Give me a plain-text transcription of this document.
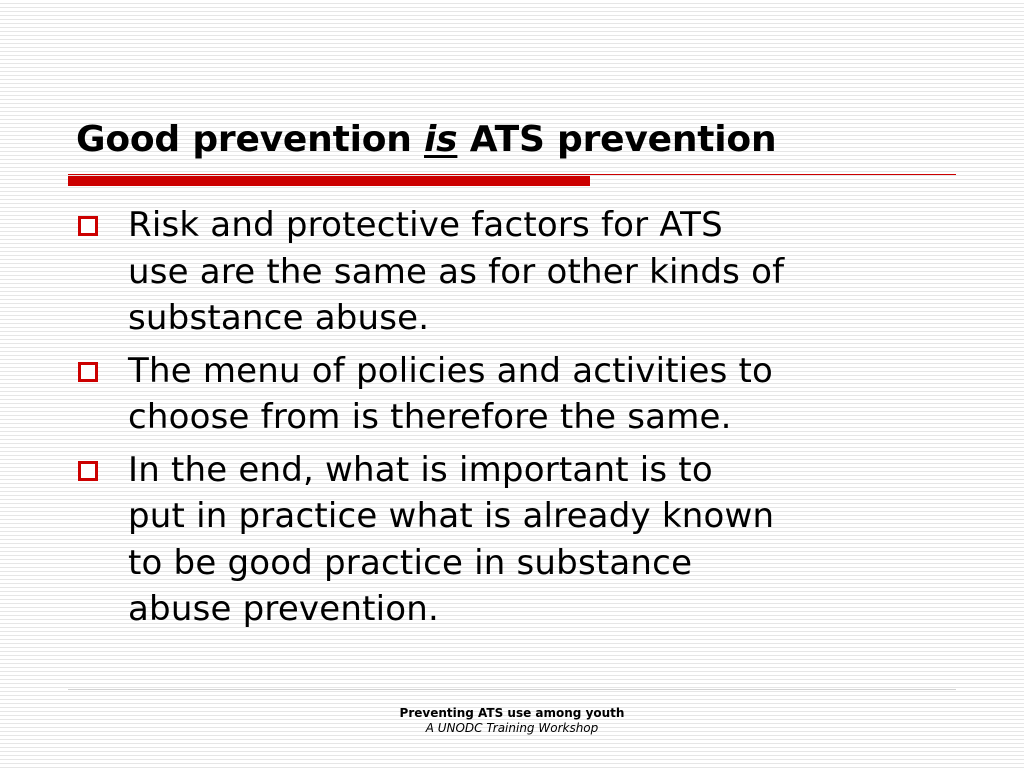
Good prevention is ATS prevention
Risk and protective factors for ATS
use are the same as for other kinds of
substance abuse.
The menu of policies and activities to
choose from is therefore the same.
In the end, what is important is to
put in practice what is already known
to be good practice in substance
abuse prevention.
Preventing ATS use among youth
A UNODC Training Workshop
